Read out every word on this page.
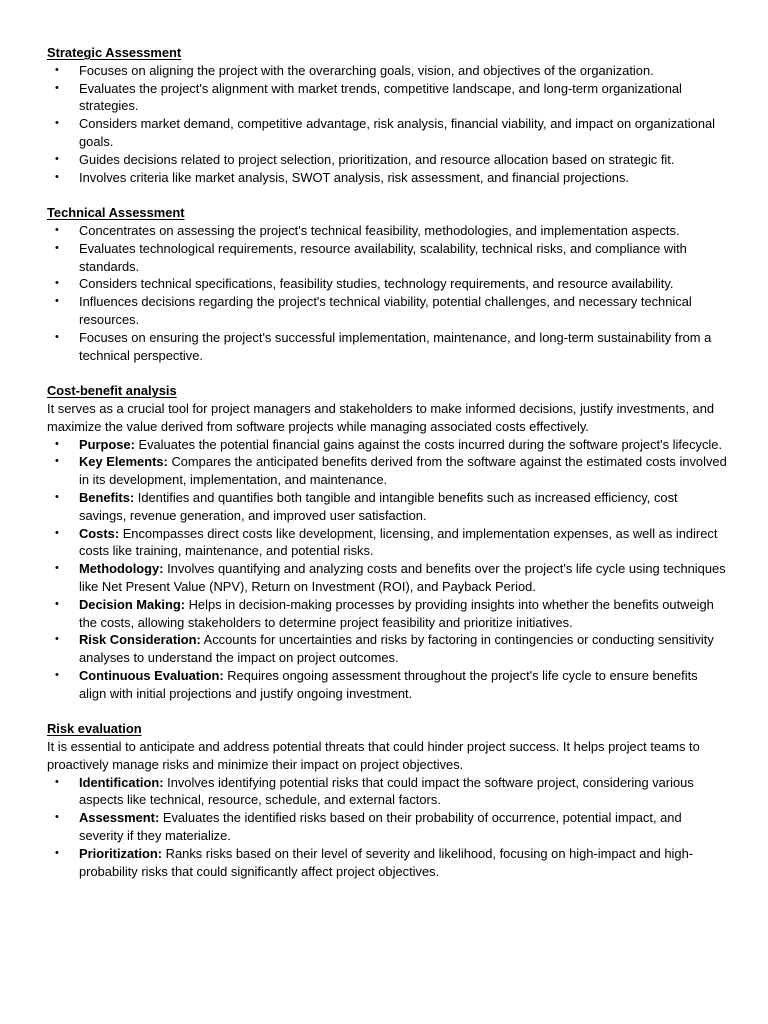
Strategic Assessment
• Focuses on aligning the project with the overarching goals, vision, and objectives of the organization.
• Evaluates the project's alignment with market trends, competitive landscape, and long-term organizational strategies.
• Considers market demand, competitive advantage, risk analysis, financial viability, and impact on organizational goals.
• Guides decisions related to project selection, prioritization, and resource allocation based on strategic fit.
• Involves criteria like market analysis, SWOT analysis, risk assessment, and financial projections.
Technical Assessment
• Concentrates on assessing the project's technical feasibility, methodologies, and implementation aspects.
• Evaluates technological requirements, resource availability, scalability, technical risks, and compliance with standards.
• Considers technical specifications, feasibility studies, technology requirements, and resource availability.
• Influences decisions regarding the project's technical viability, potential challenges, and necessary technical resources.
• Focuses on ensuring the project's successful implementation, maintenance, and long-term sustainability from a technical perspective.
Cost-benefit analysis
It serves as a crucial tool for project managers and stakeholders to make informed decisions, justify investments, and maximize the value derived from software projects while managing associated costs effectively.
• Purpose: Evaluates the potential financial gains against the costs incurred during the software project's lifecycle.
• Key Elements: Compares the anticipated benefits derived from the software against the estimated costs involved in its development, implementation, and maintenance.
• Benefits: Identifies and quantifies both tangible and intangible benefits such as increased efficiency, cost savings, revenue generation, and improved user satisfaction.
• Costs: Encompasses direct costs like development, licensing, and implementation expenses, as well as indirect costs like training, maintenance, and potential risks.
• Methodology: Involves quantifying and analyzing costs and benefits over the project's life cycle using techniques like Net Present Value (NPV), Return on Investment (ROI), and Payback Period.
• Decision Making: Helps in decision-making processes by providing insights into whether the benefits outweigh the costs, allowing stakeholders to determine project feasibility and prioritize initiatives.
• Risk Consideration: Accounts for uncertainties and risks by factoring in contingencies or conducting sensitivity analyses to understand the impact on project outcomes.
• Continuous Evaluation: Requires ongoing assessment throughout the project's life cycle to ensure benefits align with initial projections and justify ongoing investment.
Risk evaluation
It is essential to anticipate and address potential threats that could hinder project success. It helps project teams to proactively manage risks and minimize their impact on project objectives.
• Identification: Involves identifying potential risks that could impact the software project, considering various aspects like technical, resource, schedule, and external factors.
• Assessment: Evaluates the identified risks based on their probability of occurrence, potential impact, and severity if they materialize.
• Prioritization: Ranks risks based on their level of severity and likelihood, focusing on high-impact and high-probability risks that could significantly affect project objectives.
